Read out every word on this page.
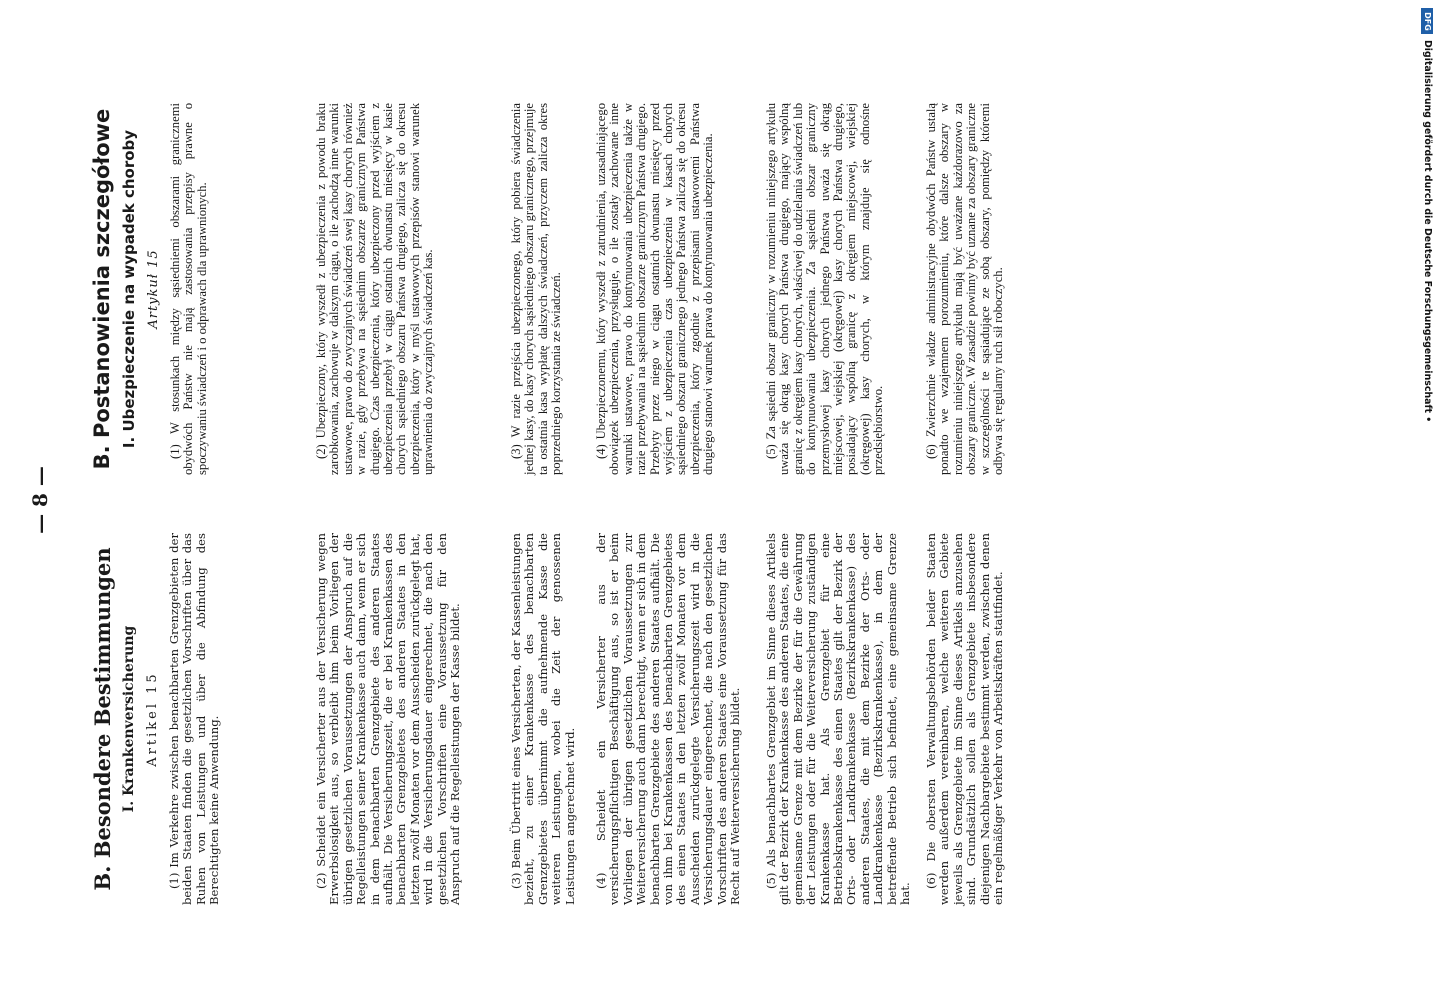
— 8 —
B. Besondere Bestimmungen I. Krankenversicherung Artikel 15 (1) Im Verkehre zwischen benachbarten Grenzgebieten der beiden Staaten finden die gesetzlichen Vorschriften über das Ruhen von Leistungen und über die Abfindung des Berechtigten keine Anwendung.	(2) Scheidet ein Versicherter aus der Versicherung wegen Erwerbslosigkeit aus, so verbleibt ihm beim Vorliegen der übrigen gesetzlichen Voraussetzungen der Anspruch auf die Regelleistungen seiner Krankenkasse auch dann, wenn er sich in dem benachbarten Grenzgebiete des anderen Staates aufhält. Die Versicherungszeit, die er bei Krankenkassen des benachbarten Grenzgebietes des anderen Staates in den letzten zwölf Monaten vor dem Ausscheiden zurückgelegt hat, wird in die Versicherungsdauer eingerechnet, die nach den gesetzlichen Vorschriften eine Voraussetzung für den Anspruch auf die Regelleistungen der Kasse bildet.	(3) Beim Übertritt eines Versicherten, der Kassenleistungen bezieht, zu einer Krankenkasse des benachbarten Grenzgebietes übernimmt die aufnehmende Kasse die weiteren Leistungen, wobei die Zeit der genossenen Leistungen angerechnet wird. (4) Scheidet ein Versicherter aus der versicherungspflichtigen Beschäftigung aus, so ist er beim Vorliegen der übrigen gesetzlichen Voraussetzungen zur Weiterversicherung auch dann berechtigt, wenn er sich in dem benachbarten Grenzgebiete des anderen Staates aufhält. Die von ihm bei Krankenkassen des benachbarten Grenzgebietes des einen Staates in den letzten zwölf Monaten vor dem Ausscheiden zurückgelegte Versicherungszeit wird in die Versicherungsdauer eingerechnet, die nach den gesetzlichen Vorschriften des anderen Staates eine Voraussetzung für das Recht auf Weiterversicherung bildet. (5) Als benachbartes Grenzgebiet im Sinne dieses Artikels gilt der Bezirk der Krankenkasse des anderen Staates, die eine gemeinsame Grenze mit dem Bezirke der für die Gewährung der Leistungen oder für die Weiterversicherung zuständigen Krankenkasse hat. Als Grenzgebiet für eine Betriebskrankenkasse des einen Staates gilt der Bezirk der Orts- oder Landkrankenkasse (Bezirkskrankenkasse) des anderen Staates, die mit dem Bezirke der Orts- oder Landkrankenkasse (Bezirkskrankenkasse), in dem der betreffende Betrieb sich befindet, eine gemeinsame Grenze hat.

(6) Die obersten Verwaltungsbehörden beider Staaten werden außerdem vereinbaren, welche weiteren Gebiete jeweils als Grenzgebiete im Sinne dieses Artikels anzusehen sind. Grundsätzlich sollen als Grenzgebiete insbesondere diejenigen Nachbargebiete bestimmt werden, zwischen denen ein regelmäßiger Verkehr von Arbeitskräften stattfindet.

B. Postanowienia szczegółowe I. Ubezpieczenie na wypadek choroby Artykuł 15 (1) W stosunkach między sąsiedniemi obszarami granicznemi obydwóch Państw nie mają zastosowania przepisy prawne o spoczywaniu świadczeń i o odprawach dla uprawnionych.	(2) Ubezpieczony, który wyszedł z ubezpieczenia z powodu braku zarobkowania, zachowuje w dalszym ciągu, o ile zachodzą inne warunki ustawowe, prawo do zwyczajnych świadczeń swej kasy chorych również w razie, gdy przebywa na sąsiednim obszarze granicznym Państwa drugiego. Czas ubezpieczenia, który ubezpieczony przed wyjściem z ubezpieczenia przebył w ciągu ostatnich dwunastu miesięcy w kasie chorych sąsiedniego obszaru Państwa drugiego, zalicza się do okresu ubezpieczenia, który w myśl ustawowych przepisów stanowi warunek uprawnienia do zwyczajnych świadczeń kas.	(3) W razie przejścia ubezpieczonego, który pobiera świadczenia jednej kasy, do kasy chorych sąsiedniego obszaru granicznego, przejmuje ta ostatnia kasa wypłatę dalszych świadczeń, przyczem zalicza okres poprzedniego korzystania ze świadczeń. (4) Ubezpieczonemu, który wyszedł z zatrudnienia, uzasadniającego obowiązek ubezpieczenia, przysługuje, o ile zostały zachowane inne warunki ustawowe, prawo do kontynuowania ubezpieczenia także w razie przebywania na sąsiednim obszarze granicznym Państwa drugiego. Przebyty przez niego w ciągu ostatnich dwunastu miesięcy przed wyjściem z ubezpieczenia czas ubezpieczenia w kasach chorych sąsiedniego obszaru granicznego jednego Państwa zalicza się do okresu ubezpieczenia, który zgodnie z przepisami ustawowemi Państwa drugiego stanowi warunek prawa do kontynuowania ubezpieczenia.	(5) Za sąsiedni obszar graniczny w rozumieniu niniejszego artykułu uważa się okrąg kasy chorych Państwa drugiego, mający wspólną granicę z okręgiem kasy chorych, właściwej do udzielania świadczeń lub do kontynuowania ubezpieczenia. Za sąsiedni obszar graniczny przemysłowej kasy chorych jednego Państwa uważa się okrąg miejscowej, wiejskiej (okręgowej) kasy chorych Państwa drugiego, posiadający wspólną granicę z okręgiem miejscowej, wiejskiej (okręgowej) kasy chorych, w którym znajduje się odnośne przedsiębiorstwo.	(6) Zwierzchnie władze administracyjne obydwóch Państw ustalą ponadto we wzajemnem porozumieniu, które dalsze obszary w rozumieniu niniejszego artykułu mają być uważane każdorazowo za obszary graniczne. W zasadzie powinny być uznane za obszary graniczne w szczególności te sąsiadujące ze sobą obszary, pomiędzy któremi odbywa się regularny ruch sił roboczych.

DFG
Digitalisierung gefördert durch die Deutsche Forschungsgemeinschaft •
